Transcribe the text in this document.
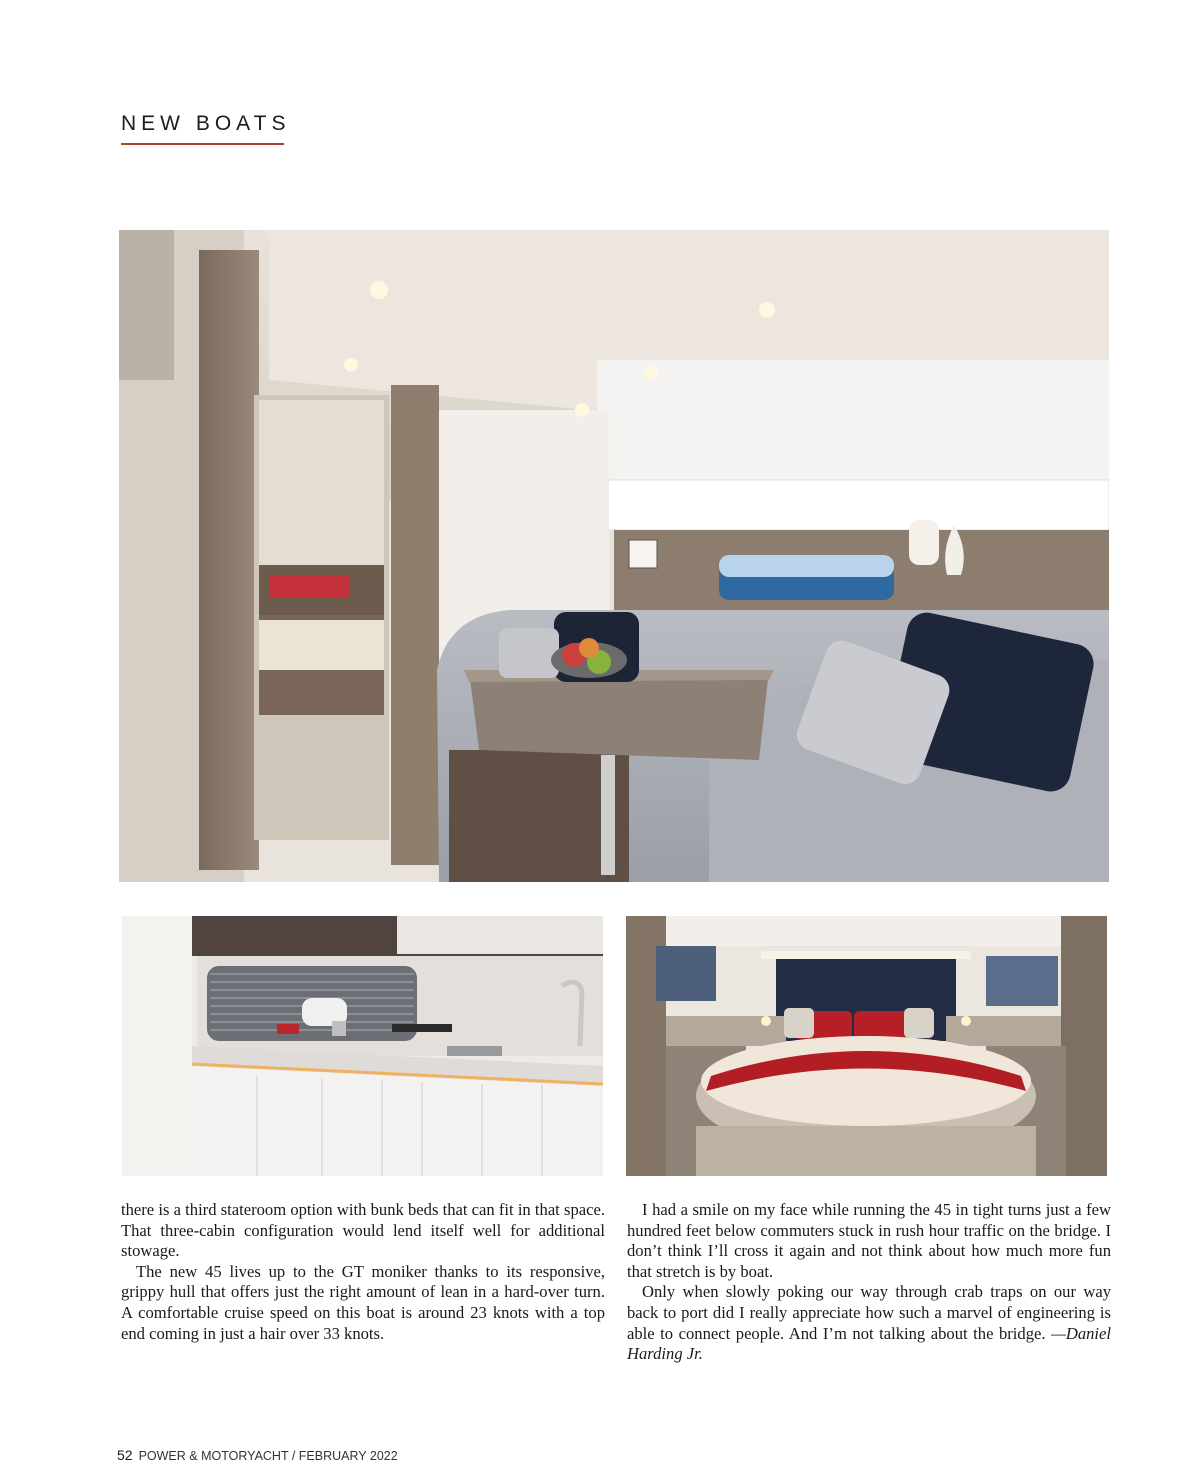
NEW BOATS

there is a third stateroom option with bunk beds that can fit in that space. That three-cabin configuration would lend itself well for additional stowage.

The new 45 lives up to the GT moniker thanks to its responsive, grippy hull that offers just the right amount of lean in a hard-over turn. A comfortable cruise speed on this boat is around 23 knots with a top end coming in just a hair over 33 knots.

I had a smile on my face while running the 45 in tight turns just a few hundred feet below commuters stuck in rush hour traffic on the bridge. I don’t think I’ll cross it again and not think about how much more fun that stretch is by boat.

Only when slowly poking our way through crab traps on our way back to port did I really appreciate how such a marvel of engineering is able to connect people. And I’m not talking about the bridge. —Daniel Harding Jr.

52 POWER & MOTORYACHT / FEBRUARY 2022
